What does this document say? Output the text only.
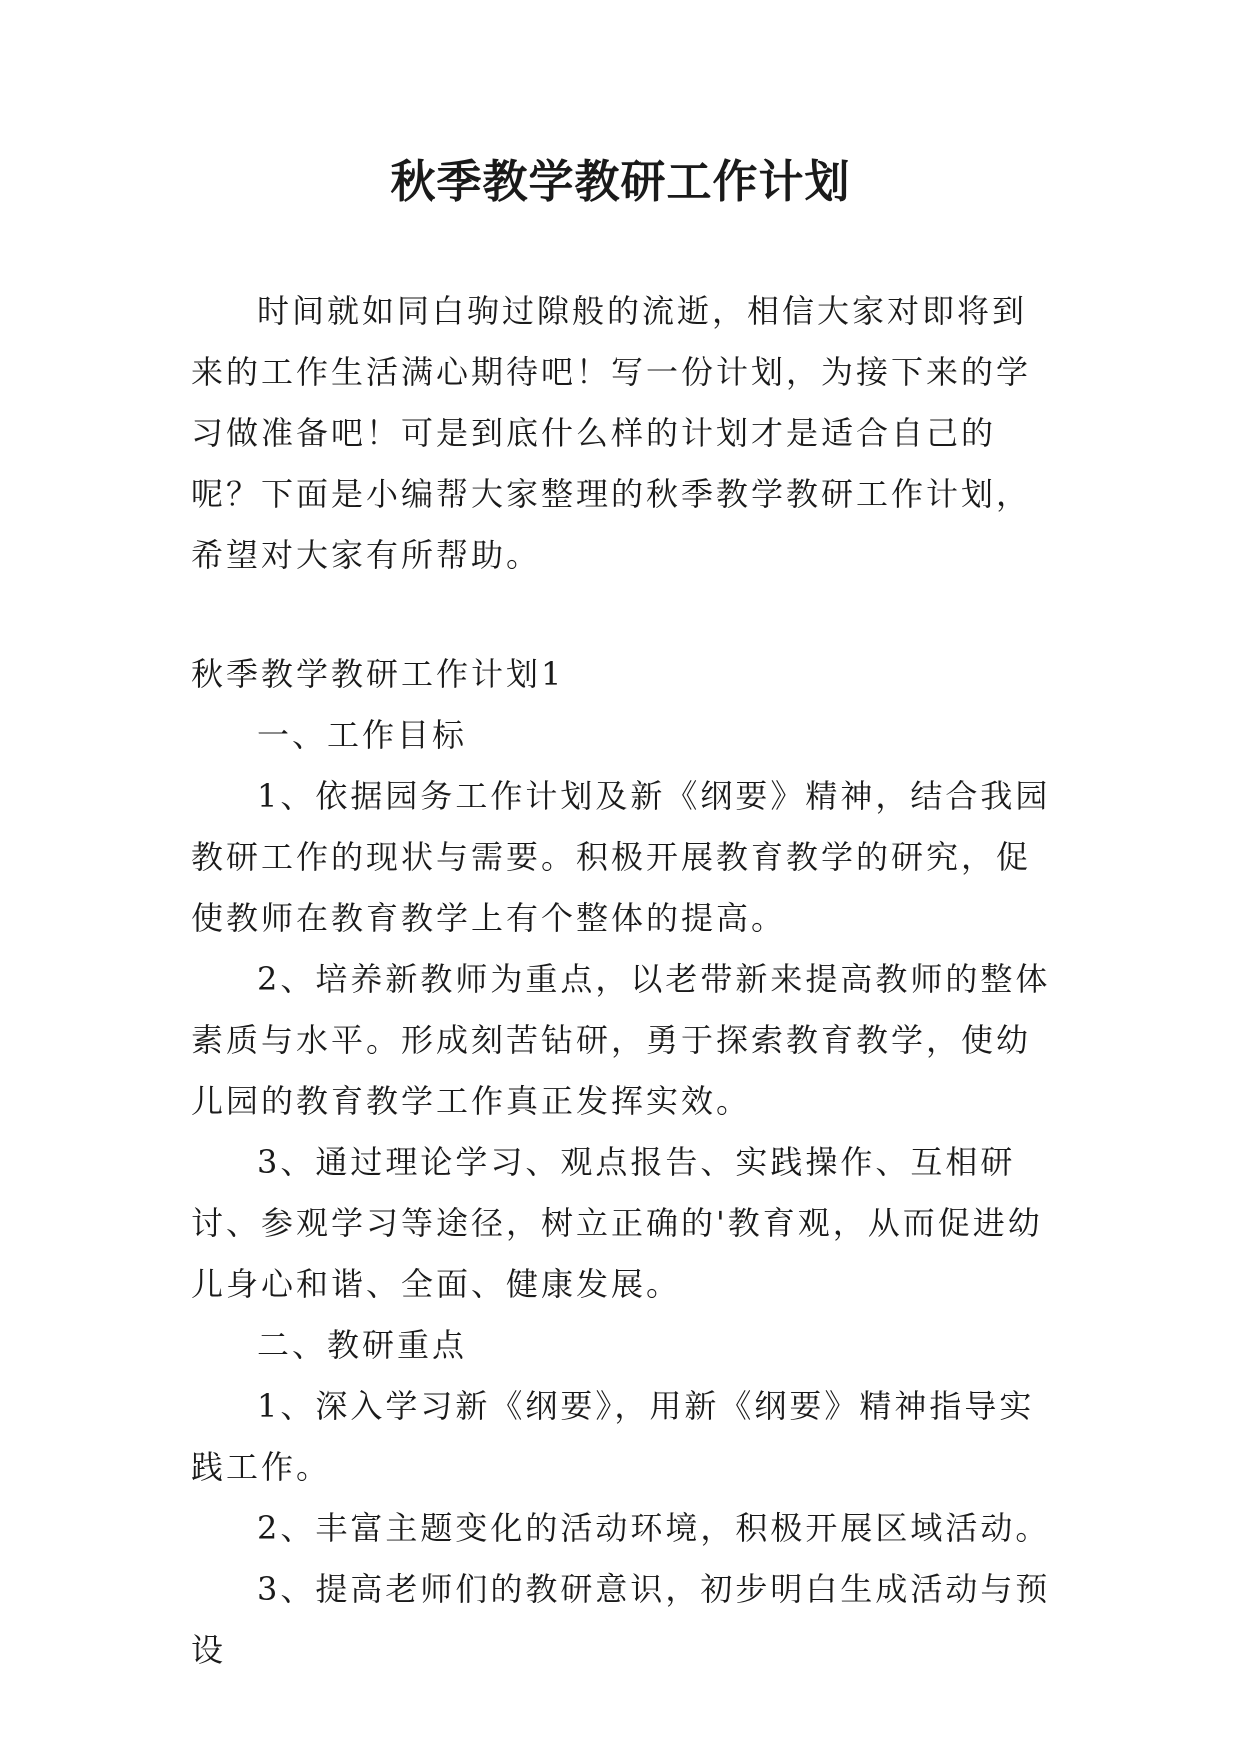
秋季教学教研工作计划

时间就如同白驹过隙般的流逝，相信大家对即将到来的工作生活满心期待吧！写一份计划，为接下来的学习做准备吧！可是到底什么样的计划才是适合自己的呢？下面是小编帮大家整理的秋季教学教研工作计划，希望对大家有所帮助。

秋季教学教研工作计划1

一、工作目标

1、依据园务工作计划及新《纲要》精神，结合我园教研工作的现状与需要。积极开展教育教学的研究，促使教师在教育教学上有个整体的提高。

2、培养新教师为重点，以老带新来提高教师的整体素质与水平。形成刻苦钻研，勇于探索教育教学，使幼儿园的教育教学工作真正发挥实效。

3、通过理论学习、观点报告、实践操作、互相研讨、参观学习等途径，树立正确的'教育观，从而促进幼儿身心和谐、全面、健康发展。

二、教研重点

1、深入学习新《纲要》，用新《纲要》精神指导实践工作。

2、丰富主题变化的活动环境，积极开展区域活动。

3、提高老师们的教研意识，初步明白生成活动与预设
